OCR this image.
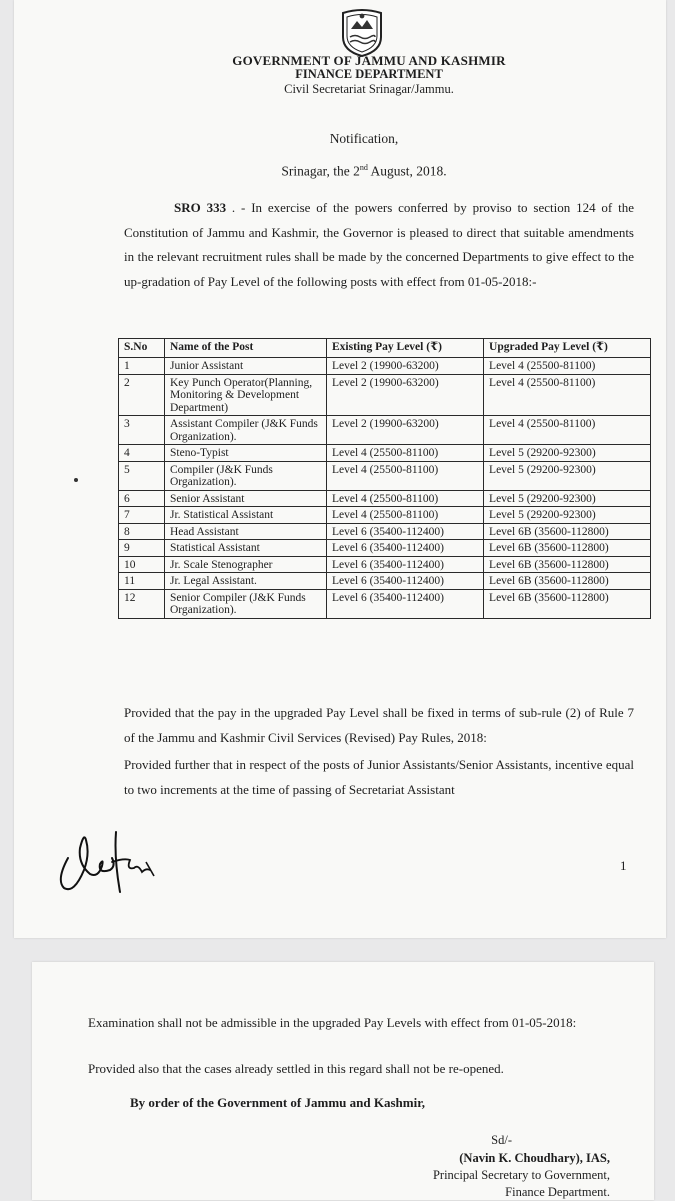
GOVERNMENT OF JAMMU AND KASHMIR
FINANCE DEPARTMENT
Civil Secretariat Srinagar/Jammu.
Notification,
Srinagar, the 2nd August, 2018.
SRO 333 . - In exercise of the powers conferred by proviso to section 124 of the Constitution of Jammu and Kashmir, the Governor is pleased to direct that suitable amendments in the relevant recruitment rules shall be made by the concerned Departments to give effect to the up-gradation of Pay Level of the following posts with effect from 01-05-2018:-
S.No	Name of the Post	Existing Pay Level (₹)	Upgraded Pay Level (₹)
1	Junior Assistant	Level 2 (19900-63200)	Level 4 (25500-81100)
2	Key Punch Operator(Planning, Monitoring & Development Department)	Level 2 (19900-63200)	Level 4 (25500-81100)
3	Assistant Compiler (J&K Funds Organization).	Level 2 (19900-63200)	Level 4 (25500-81100)
4	Steno-Typist	Level 4 (25500-81100)	Level 5 (29200-92300)
5	Compiler (J&K Funds Organization).	Level 4 (25500-81100)	Level 5 (29200-92300)
6	Senior Assistant	Level 4 (25500-81100)	Level 5 (29200-92300)
7	Jr. Statistical Assistant	Level 4 (25500-81100)	Level 5 (29200-92300)
8	Head Assistant	Level 6 (35400-112400)	Level 6B (35600-112800)
9	Statistical Assistant	Level 6 (35400-112400)	Level 6B (35600-112800)
10	Jr. Scale Stenographer	Level 6 (35400-112400)	Level 6B (35600-112800)
11	Jr. Legal Assistant.	Level 6 (35400-112400)	Level 6B (35600-112800)
12	Senior Compiler (J&K Funds Organization).	Level 6 (35400-112400)	Level 6B (35600-112800)
Provided that the pay in the upgraded Pay Level shall be fixed in terms of sub-rule (2) of Rule 7 of the Jammu and Kashmir Civil Services (Revised) Pay Rules, 2018:
Provided further that in respect of the posts of Junior Assistants/Senior Assistants, incentive equal to two increments at the time of passing of Secretariat Assistant
1
Examination shall not be admissible in the upgraded Pay Levels with effect from 01-05-2018:
Provided also that the cases already settled in this regard shall not be re-opened.
By order of the Government of Jammu and Kashmir,
Sd/-
(Navin K. Choudhary), IAS,
Principal Secretary to Government,
Finance Department.
